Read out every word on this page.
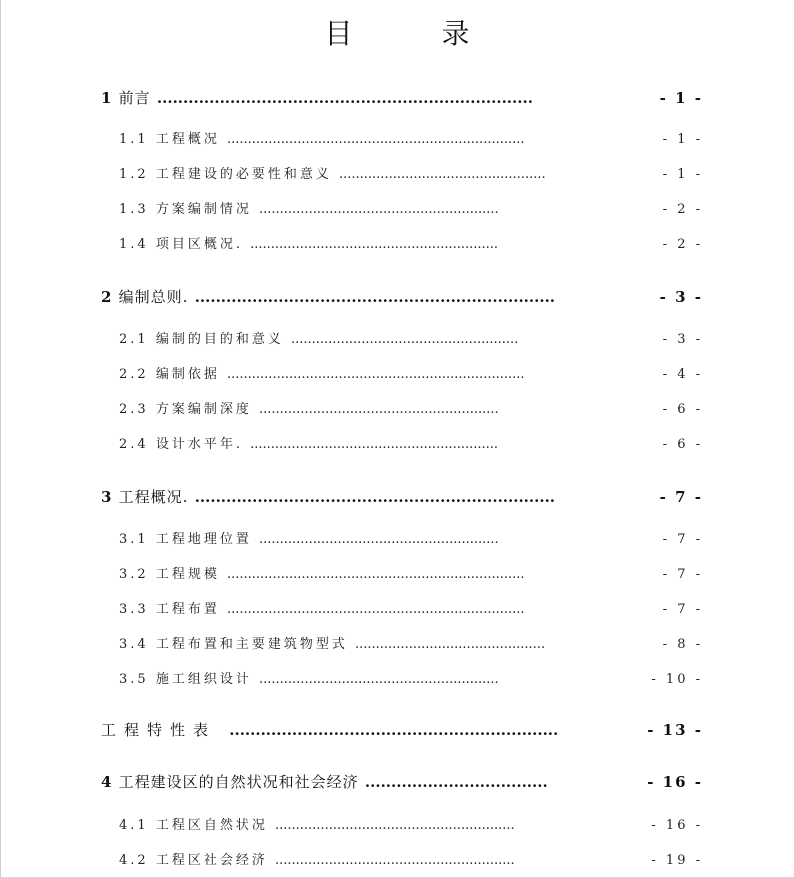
目 录
1 前言 ........................................................................	- 1 -
1.1 工程概况 ........................................................................	- 1 -
1.2 工程建设的必要性和意义 ..................................................	- 1 -
1.3 方案编制情况 ..........................................................	- 2 -
1.4 项目区概况. ............................................................	- 2 -
2 编制总则. .....................................................................	- 3 -
2.1 编制的目的和意义 .......................................................	- 3 -
2.2 编制依据 ........................................................................	- 4 -
2.3 方案编制深度 ..........................................................	- 6 -
2.4 设计水平年. ............................................................	- 6 -
3 工程概况. .....................................................................	- 7 -
3.1 工程地理位置 ..........................................................	- 7 -
3.2 工程规模 ........................................................................	- 7 -
3.3 工程布置 ........................................................................	- 7 -
3.4 工程布置和主要建筑物型式 ..............................................	- 8 -
3.5 施工组织设计 ..........................................................	- 10 -
工程特性表 ...............................................................	- 13 -
4 工程建设区的自然状况和社会经济 ...................................	- 16 -
4.1 工程区自然状况 ..........................................................	- 16 -
4.2 工程区社会经济 ..........................................................	- 19 -
